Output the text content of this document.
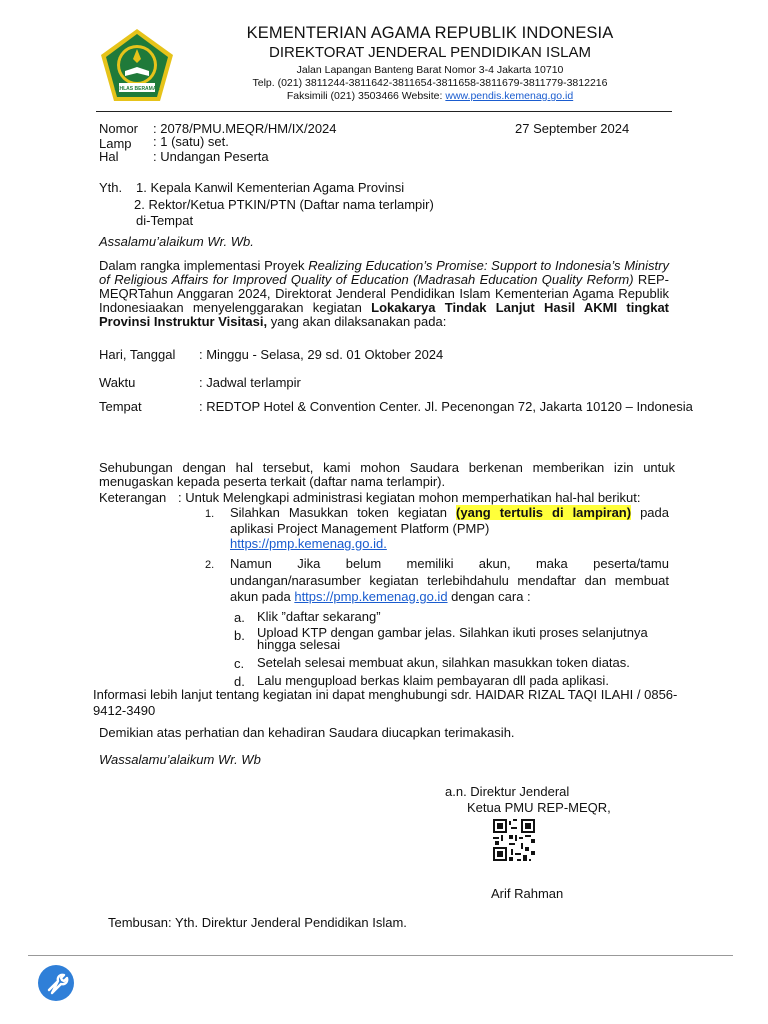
IKHLAS BERAMAL
KEMENTERIAN AGAMA REPUBLIK INDONESIA
DIREKTORAT JENDERAL PENDIDIKAN ISLAM
Jalan Lapangan Banteng Barat Nomor 3-4 Jakarta 10710
Telp. (021) 3811244-3811642-3811654-3811658-3811679-3811779-3812216
Faksimili (021) 3503466 Website: www.pendis.kemenag.go.id
Nomor : 2078/PMU.MEQR/HM/IX/2024	27 September 2024
Lamp : 1 (satu) set.
Hal	: Undangan Peserta
Yth. 1. Kepala Kanwil Kementerian Agama Provinsi
2. Rektor/Ketua PTKIN/PTN (Daftar nama terlampir)
di-Tempat
Assalamu’alaikum Wr. Wb.
Dalam rangka implementasi Proyek Realizing Education’s Promise: Support to Indonesia’s Ministry of Religious Affairs for Improved Quality of Education (Madrasah Education Quality Reform) REP-MEQRTahun Anggaran 2024, Direktorat Jenderal Pendidikan Islam Kementerian Agama Republik Indonesiaakan menyelenggarakan kegiatan Lokakarya Tindak Lanjut Hasil AKMI tingkat Provinsi Instruktur Visitasi, yang akan dilaksanakan pada:
Hari, Tanggal : Minggu - Selasa, 29 sd. 01 Oktober 2024
Waktu	: Jadwal terlampir
Tempat	: REDTOP Hotel & Convention Center. Jl. Pecenongan 72, Jakarta 10120 – Indonesia
Sehubungan dengan hal tersebut, kami mohon Saudara berkenan memberikan izin untuk menugaskan kepada peserta terkait (daftar nama terlampir).
Keterangan : Untuk Melengkapi administrasi kegiatan mohon memperhatikan hal-hal berikut:
1. Silahkan Masukkan token kegiatan (yang tertulis di lampiran) pada aplikasi Project Management Platform (PMP)
https://pmp.kemenag.go.id.
2. Namun Jika belum memiliki akun, maka peserta/tamu undangan/narasumber kegiatan terlebihdahulu mendaftar dan membuat akun pada https://pmp.kemenag.go.id dengan cara :
a. Klik ”daftar sekarang”
b. Upload KTP dengan gambar jelas. Silahkan ikuti proses selanjutnya hingga selesai
c. Setelah selesai membuat akun, silahkan masukkan token diatas.
d. Lalu mengupload berkas klaim pembayaran dll pada aplikasi.
Informasi lebih lanjut tentang kegiatan ini dapat menghubungi sdr. HAIDAR RIZAL TAQI ILAHI / 0856-9412-3490
Demikian atas perhatian dan kehadiran Saudara diucapkan terimakasih.
Wassalamu’alaikum Wr. Wb
a.n. Direktur Jenderal
Ketua PMU REP-MEQR,
Arif Rahman
Tembusan: Yth. Direktur Jenderal Pendidikan Islam.
